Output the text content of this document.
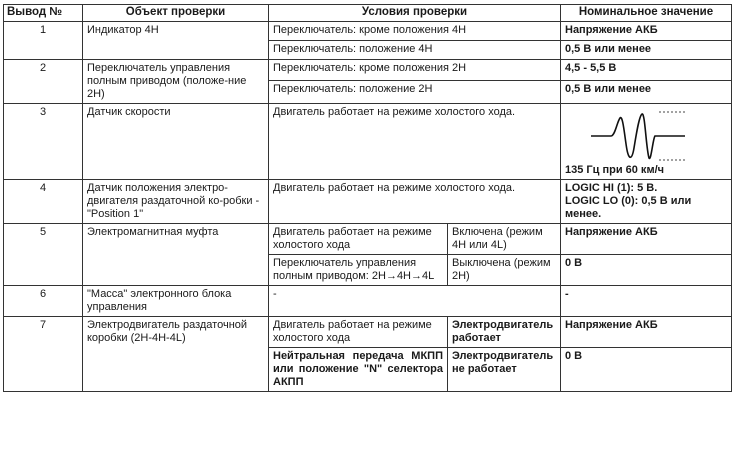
Вывод №	Объект проверки	Условия проверки		Номинальное значение
1	Индикатор 4H	Переключатель: кроме положения 4H		Напряжение АКБ
		Переключатель: положение 4H		0,5 В или менее
2	Переключатель управления полным приводом (положе-ние 2H)	Переключатель: кроме положения 2H		4,5 - 5,5 В
		Переключатель: положение 2H		0,5 В или менее
3	Датчик скорости	Двигатель работает на режиме холостого хода.		135 Гц при 60 км/ч

4	Датчик положения электро-двигателя раздаточной ко-робки - "Position 1"	Двигатель работает на режиме холостого хода.		LOGIC HI (1): 5 В.
LOGIC LO (0): 0,5 В или менее.

5	Электромагнитная муфта	Двигатель работает на режиме холостого хода	Включена (режим 4H или 4L)	Напряжение АКБ
		Переключатель управления полным приводом: 2H→4H→4L	Выключена (режим 2H)	0 В
6	"Масса" электронного блока управления	-		-
7	Электродвигатель раздаточной коробки (2H-4H-4L)	Двигатель работает на режиме холостого хода	Электродвигатель работает	Напряжение АКБ
		Нейтральная передача МКПП или положение "N" селектора АКПП	Электродвигатель не работает	0 В
